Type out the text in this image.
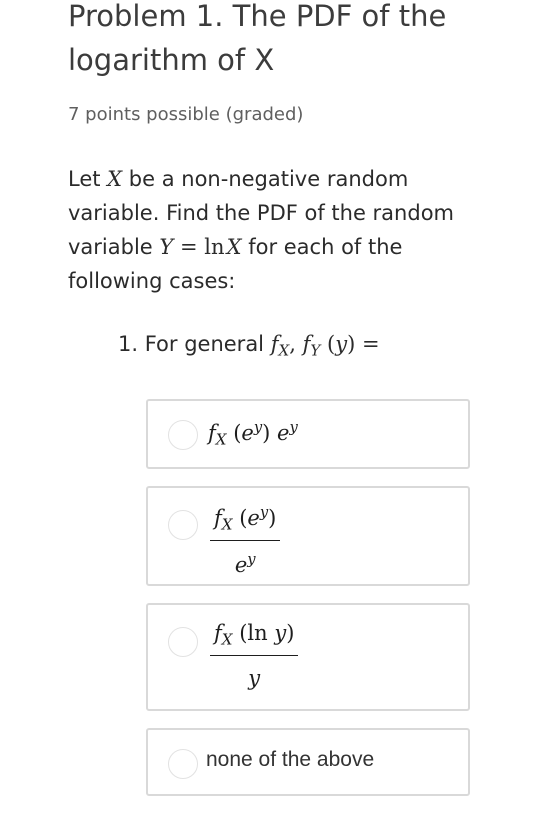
Problem 1. The PDF of the logarithm of X
7 points possible (graded)
Let X be a non-negative random variable. Find the PDF of the random variable Y = ln X for each of the following cases:
1. For general $f_X$, $f_Y$ (y) =
$f_X$ $(e^y)$ $e^y$
$\frac{f_X (e^y)}{e^y}$
$\frac{f_X (\ln y)}{y}$
none of the above
